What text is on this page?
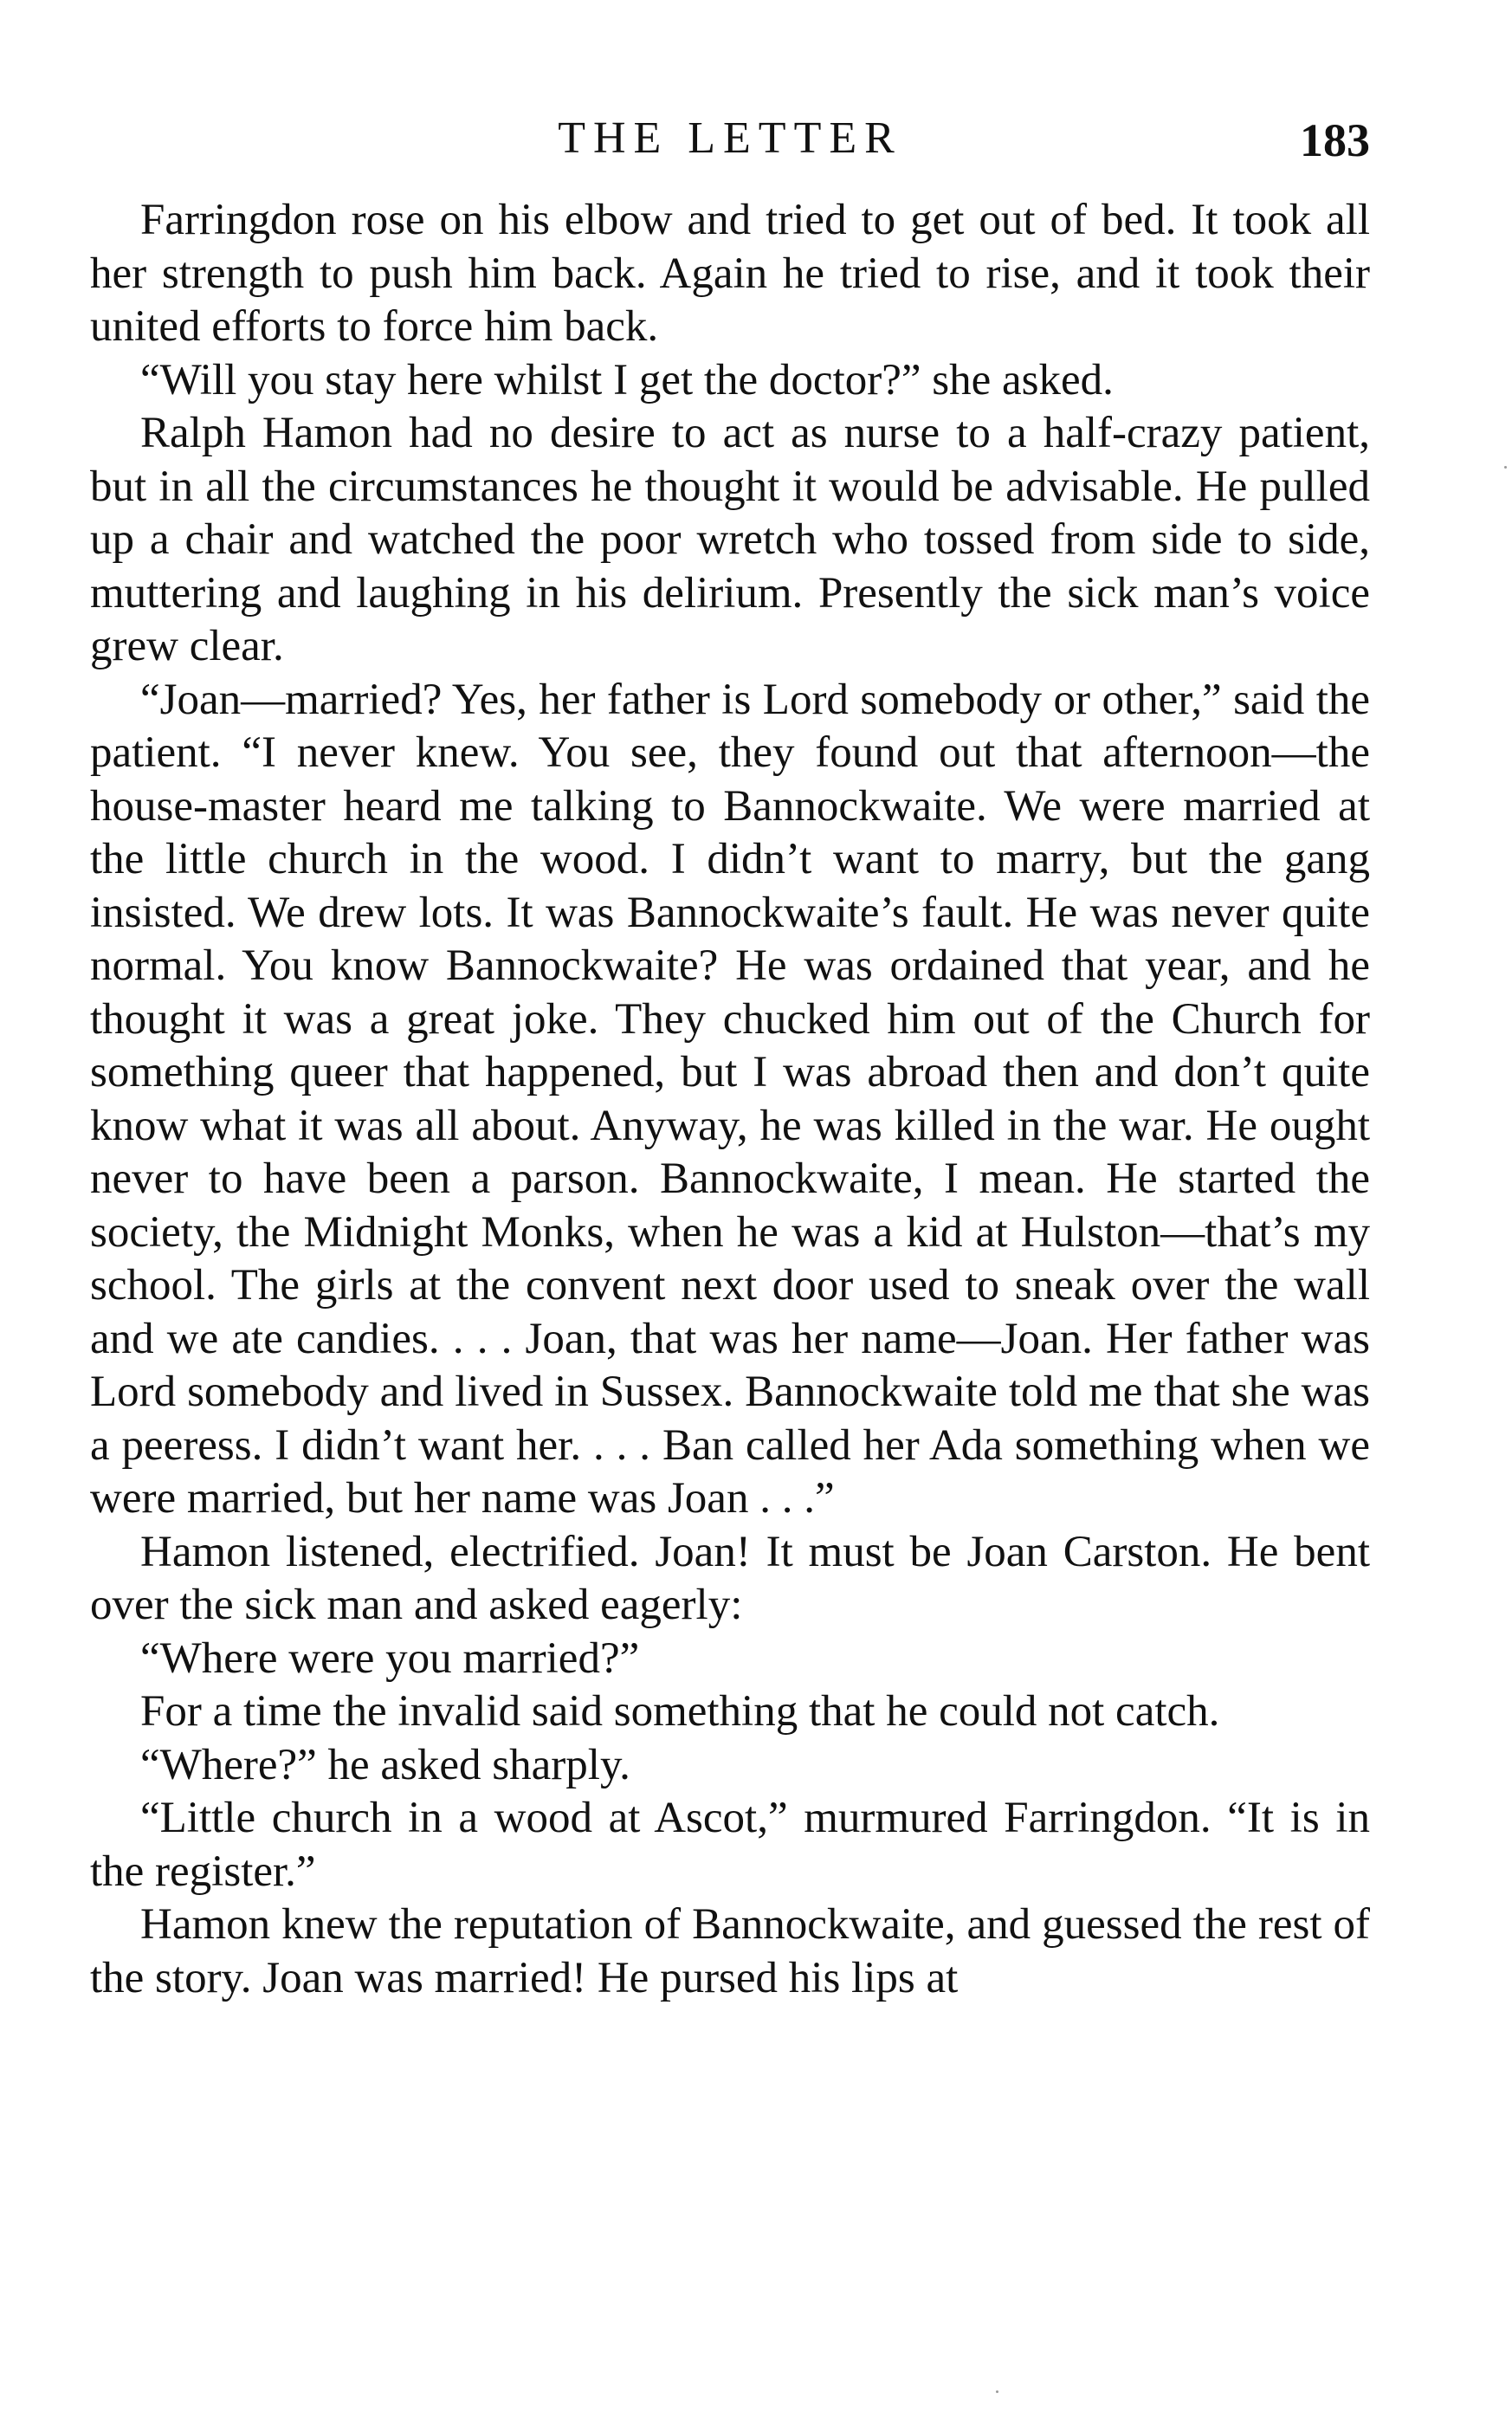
THE LETTER	183

Farringdon rose on his elbow and tried to get out of bed. It took all her strength to push him back. Again he tried to rise, and it took their united efforts to force him back.

“Will you stay here whilst I get the doctor?” she asked.

Ralph Hamon had no desire to act as nurse to a half-crazy patient, but in all the circumstances he thought it would be advisable. He pulled up a chair and watched the poor wretch who tossed from side to side, muttering and laughing in his delirium. Presently the sick man’s voice grew clear.

“Joan—married? Yes, her father is Lord somebody or other,” said the patient. “I never knew. You see, they found out that afternoon—the house-master heard me talking to Bannockwaite. We were married at the little church in the wood. I didn’t want to marry, but the gang insisted. We drew lots. It was Bannockwaite’s fault. He was never quite normal. You know Bannockwaite? He was ordained that year, and he thought it was a great joke. They chucked him out of the Church for something queer that happened, but I was abroad then and don’t quite know what it was all about. Anyway, he was killed in the war. He ought never to have been a parson. Bannockwaite, I mean. He started the society, the Midnight Monks, when he was a kid at Hulston—that’s my school. The girls at the convent next door used to sneak over the wall and we ate candies. . . . Joan, that was her name—Joan. Her father was Lord somebody and lived in Sussex. Bannockwaite told me that she was a peeress. I didn’t want her. . . . Ban called her Ada something when we were married, but her name was Joan . . .”

Hamon listened, electrified. Joan! It must be Joan Carston. He bent over the sick man and asked eagerly:

“Where were you married?”

For a time the invalid said something that he could not catch.

“Where?” he asked sharply.

“Little church in a wood at Ascot,” murmured Farringdon. “It is in the register.”

Hamon knew the reputation of Bannockwaite, and guessed the rest of the story. Joan was married! He pursed his lips at
